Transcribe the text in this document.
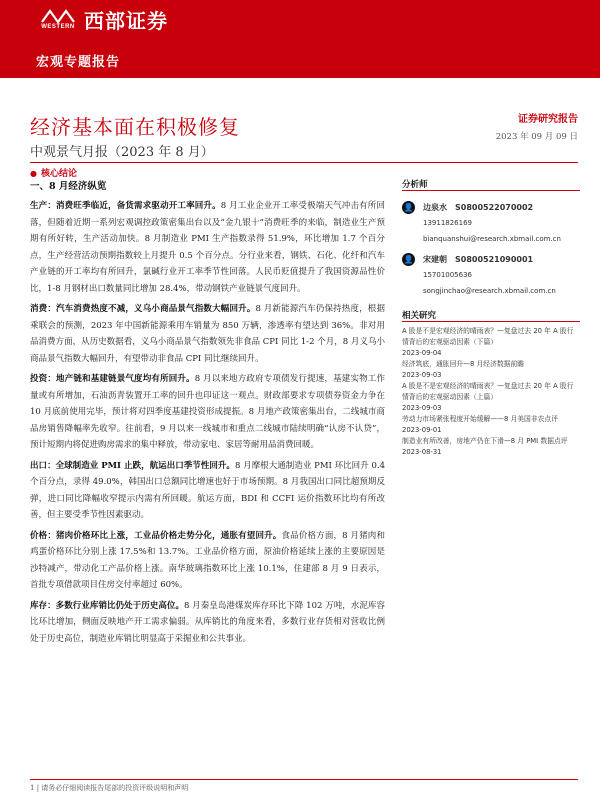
WESTERN 西部证券
宏观专题报告
经济基本面在积极修复
中观景气月报（2023 年 8 月）
证券研究报告
2023 年 09 月 09 日
● 核心结论
一、8 月经济纵览

生产：消费旺季临近，备货需求驱动开工率回升。8 月工业企业开工率受极端天气冲击有所回落，但随着近期一系列宏观调控政策密集出台以及“金九银十”消费旺季的来临，制造业生产预期有所好转，生产活动加快。8 月制造业 PMI 生产指数录得 51.9%，环比增加 1.7 个百分点，生产经营活动预期指数较上月提升 0.5 个百分点。分行业来看，钢铁、石化、化纤和汽车产业链的开工率均有所回升，氯碱行业开工率季节性回落。人民币贬值提升了我国资源品性价比，1-8 月钢材出口数量同比增加 28.4%，带动钢铁产业链景气度回升。

消费：汽车消费热度不减，义乌小商品景气指数大幅回升。8 月新能源汽车仍保持热度，根据乘联会的预测，2023 年中国新能源乘用车销量为 850 万辆，渗透率有望达到 36%。非对用品消费方面，从历史数据看，义乌小商品景气指数领先非食品 CPI 同比 1-2 个月，8 月义乌小商品景气指数大幅回升，有望带动非食品 CPI 同比继续回升。

投资：地产链和基建链景气度均有所回升。8 月以来地方政府专项债发行提速，基建实物工作量或有所增加，石油沥青装置开工率的回升也印证这一观点。财政部要求专项债券资金力争在 10 月底前使用完毕，预计将对四季度基建投资形成提振。8 月地产政策密集出台，二线城市商品房销售降幅率先收窄。往前看，9 月以来一线城市和重点二线城市陆续明确“认房不认贷”，预计短期内将促进购房需求的集中释放，带动家电、家居等耐用品消费回暖。

出口：全球制造业 PMI 止跌，航运出口季节性回升。8 月摩根大通制造业 PMI 环比回升 0.4 个百分点，录得 49.0%，韩国出口总额同比增速也好于市场预期。8 月我国出口同比超预期反弹，进口同比降幅收窄提示内需有所回暖。航运方面，BDI 和 CCFI 运价指数环比均有所改善，但主要受季节性因素驱动。

价格：猪肉价格环比上涨，工业品价格走势分化，通胀有望回升。食品价格方面，8 月猪肉和鸡蛋价格环比分别上涨 17.5%和 13.7%。工业品价格方面，原油价格延续上涨的主要原因是沙特减产，带动化工产品价格上涨。南华玻璃指数环比上涨 10.1%，住建部 8 月 9 日表示，首批专项借款项目住房交付率超过 60%。

库存：多数行业库销比仍处于历史高位。8 月秦皇岛港煤炭库存环比下降 102 万吨，水泥库容比环比增加，侧面反映地产开工需求偏弱。从库销比的角度来看，多数行业存货相对营收比例处于历史高位，制造业库销比明显高于采掘业和公共事业。

分析师
👤 边泉水 S0800522070002
13911826169
bianquanshui@research.xbmail.com.cn
👤 宋建朝 S0800521090001
15701005636
songjinchao@research.xbmail.com.cn
相关研究
A 股是不是宏观经济的晴雨表？—复盘过去 20 年 A 股行情背后的宏观驱动因素（下篇）
2023-09-04
经济筑底，通胀回升—8 月经济数据前瞻
2023-09-03
A 股是不是宏观经济的晴雨表？—复盘过去 20 年 A 股行情背后的宏观驱动因素（上篇）
2023-09-03
劳动力市场紧张程度开始缓解——8 月美国非农点评
2023-09-01
制造业有所改善，房地产仍在下滑—8 月 PMI 数据点评
2023-08-31
1 | 请务必仔细阅读报告尾部的投资评级说明和声明
